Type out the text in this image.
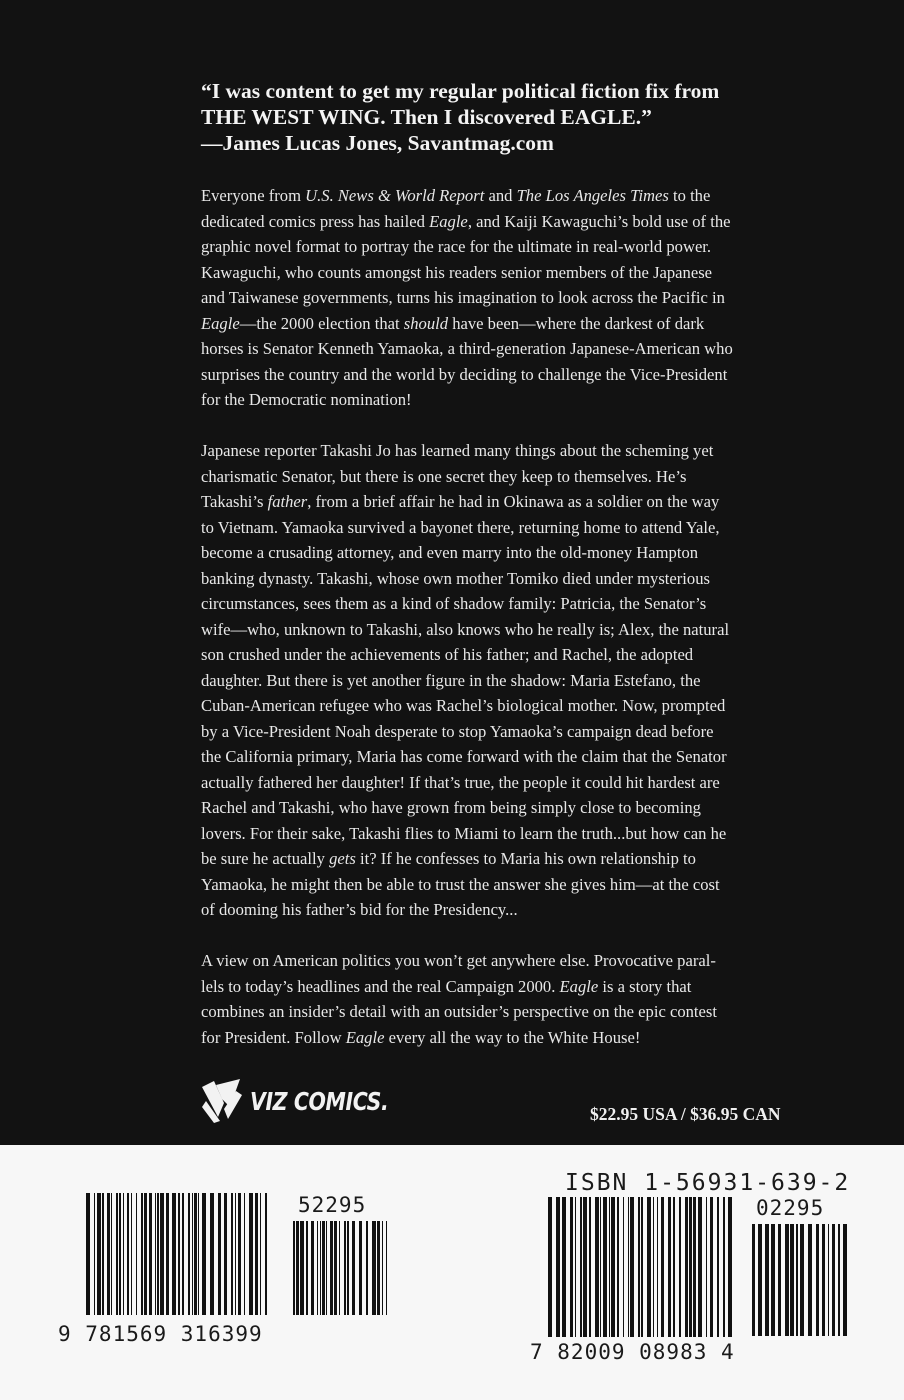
“I was content to get my regular political fiction fix from
THE WEST WING. Then I discovered EAGLE.”
—James Lucas Jones, Savantmag.com
Everyone from U.S. News & World Report and The Los Angeles Times to the
dedicated comics press has hailed Eagle, and Kaiji Kawaguchi’s bold use of the
graphic novel format to portray the race for the ultimate in real-world power.
Kawaguchi, who counts amongst his readers senior members of the Japanese
and Taiwanese governments, turns his imagination to look across the Pacific in
Eagle—the 2000 election that should have been—where the darkest of dark
horses is Senator Kenneth Yamaoka, a third-generation Japanese-American who
surprises the country and the world by deciding to challenge the Vice-President
for the Democratic nomination!
Japanese reporter Takashi Jo has learned many things about the scheming yet
charismatic Senator, but there is one secret they keep to themselves. He’s
Takashi’s father, from a brief affair he had in Okinawa as a soldier on the way
to Vietnam. Yamaoka survived a bayonet there, returning home to attend Yale,
become a crusading attorney, and even marry into the old-money Hampton
banking dynasty. Takashi, whose own mother Tomiko died under mysterious
circumstances, sees them as a kind of shadow family: Patricia, the Senator’s
wife—who, unknown to Takashi, also knows who he really is; Alex, the natural
son crushed under the achievements of his father; and Rachel, the adopted
daughter. But there is yet another figure in the shadow: Maria Estefano, the
Cuban-American refugee who was Rachel’s biological mother. Now, prompted
by a Vice-President Noah desperate to stop Yamaoka’s campaign dead before
the California primary, Maria has come forward with the claim that the Senator
actually fathered her daughter! If that’s true, the people it could hit hardest are
Rachel and Takashi, who have grown from being simply close to becoming
lovers. For their sake, Takashi flies to Miami to learn the truth...but how can he
be sure he actually gets it? If he confesses to Maria his own relationship to
Yamaoka, he might then be able to trust the answer she gives him—at the cost
of dooming his father’s bid for the Presidency...
A view on American politics you won’t get anywhere else. Provocative paral-
lels to today’s headlines and the real Campaign 2000. Eagle is a story that
combines an insider’s detail with an outsider’s perspective on the epic contest
for President. Follow Eagle every all the way to the White House!
VIZ COMICS.	$22.95 USA / $36.95 CAN
9 781569 316399
52295
ISBN 1-56931-639-2
02295
7 82009 08983 4
